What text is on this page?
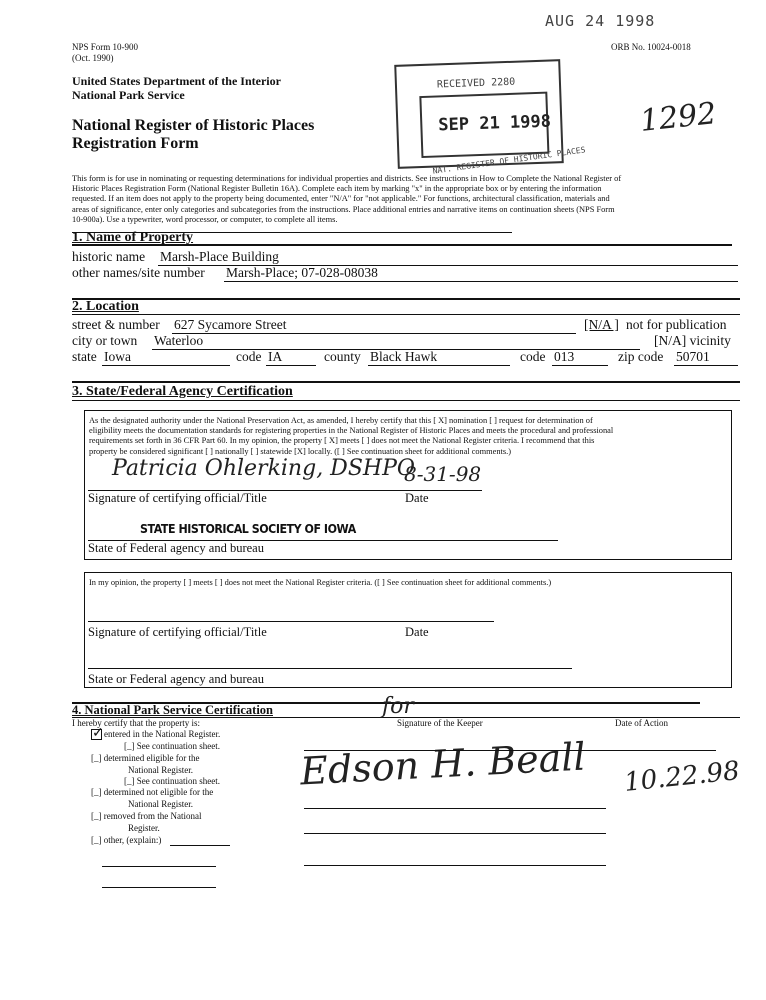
AUG 24 1998
RECEIVED 2280
SEP 21 1998
NAT. REGISTER OF HISTORIC PLACES
1292
NPS Form 10-900
(Oct. 1990)
ORB No. 10024-0018
United States Department of the Interior
National Park Service
National Register of Historic Places
Registration Form
This form is for use in nominating or requesting determinations for individual properties and districts. See instructions in How to Complete the National Register of
Historic Places Registration Form (National Register Bulletin 16A). Complete each item by marking "x" in the appropriate box or by entering the information
requested. If an item does not apply to the property being documented, enter "N/A" for "not applicable." For functions, architectural classification, materials and
areas of significance, enter only categories and subcategories from the instructions. Place additional entries and narrative items on continuation sheets (NPS Form
10-900a). Use a typewriter, word processor, or computer, to complete all items.
1. Name of Property
historic name Marsh-Place Building
other names/site number Marsh-Place; 07-028-08038
2. Location
street & number 627 Sycamore Street	[N/A ] not for publication
city or town Waterloo	[N/A] vicinity
state Iowa	code IA	county Black Hawk	code 013	zip code 50701
3. State/Federal Agency Certification
As the designated authority under the National Preservation Act, as amended, I hereby certify that this [ X] nomination [ ] request for determination of
eligibility meets the documentation standards for registering properties in the National Register of Historic Places and meets the procedural and professional
requirements set forth in 36 CFR Part 60. In my opinion, the property [ X] meets [ ] does not meet the National Register criteria. I recommend that this
property be considered significant [ ] nationally [ ] statewide [X] locally. ([ ] See continuation sheet for additional comments.)
Patricia Ohlerking, DSHPO
8-31-98
Signature of certifying official/Title	Date
STATE HISTORICAL SOCIETY OF IOWA
State of Federal agency and bureau
In my opinion, the property [ ] meets [ ] does not meet the National Register criteria. ([ ] See continuation sheet for additional comments.)
Signature of certifying official/Title	Date
State or Federal agency and bureau
4. National Park Service Certification
I hereby certify that the property is:
for
Signature of the Keeper	Date of Action
✓ entered in the National Register.
[_] See continuation sheet.
[_] determined eligible for the
National Register.
[_] See continuation sheet.
[_] determined not eligible for the
National Register.
[_] removed from the National
Register.
[_] other, (explain:)
Edson H. Beall 10.22.98
